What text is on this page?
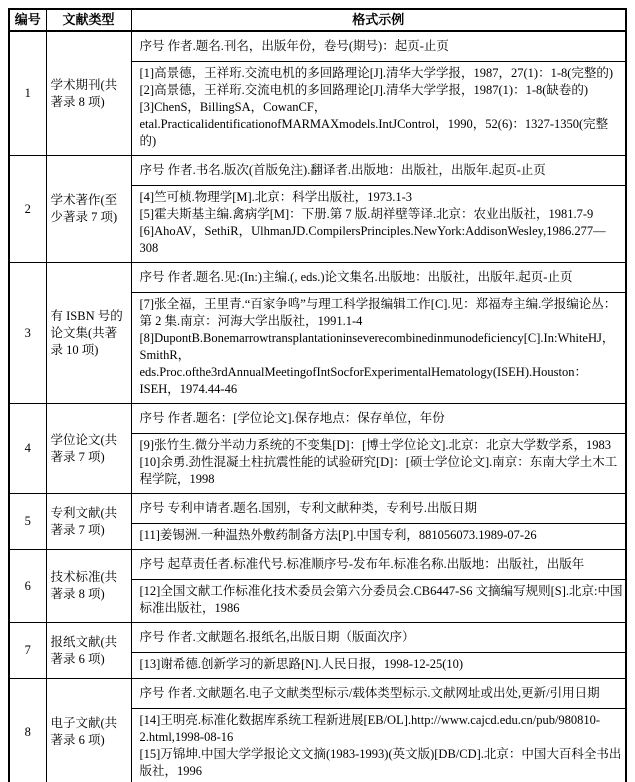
编号	文献类型	格式示例
1	学术期刊(共著录 8 项)	序号 作者.题名.刊名，出版年份，卷号(期号)：起页-止页

		[1]高景德，王祥珩.交流电机的多回路理论[J].清华大学学报，1987，27(1)：1-8(完整的)
[2]高景德，王祥珩.交流电机的多回路理论[J].清华大学学报，1987(1)：1-8(缺卷的)
[3]ChenS，BillingSA，CowanCF，etal.PracticalidentificationofMARMAXmodels.IntJControl，1990，52(6)：1327-1350(完整的)

2	学术著作(至少著录 7 项)	序号 作者.书名.版次(首版免注).翻译者.出版地：出版社，出版年.起页-止页

		[4]竺可桢.物理学[M].北京：科学出版社，1973.1-3
[5]霍夫斯基主编.禽病学[M]：下册.第 7 版.胡祥壁等译.北京：农业出版社，1981.7-9
[6]AhoAV，SethiR，UlhmanJD.CompilersPrinciples.NewYork:AddisonWesley,1986.277—308

3	有 ISBN 号的论文集(共著录 10 项)	序号 作者.题名.见:(In:)主编.(, eds.)论文集名.出版地：出版社，出版年.起页-止页

		[7]张全福，王里青.“百家争鸣”与理工科学报编辑工作[C].见：郑福寿主编.学报编论丛：第 2 集.南京：河海大学出版社，1991.1-4
[8]DupontB.Bonemarrowtransplantationinseverecombinedinmunodeficiency[C].In:WhiteHJ，SmithR，eds.Proc.ofthe3rdAnnualMeetingofIntSocforExperimentalHematology(ISEH).Houston：ISEH，1974.44-46

4	学位论文(共著录 7 项)	序号 作者.题名：[学位论文].保存地点：保存单位，年份

		[9]张竹生.微分半动力系统的不变集[D]：[博士学位论文].北京：北京大学数学系，1983
[10]余勇.劲性混凝土柱抗震性能的试验研究[D]：[硕士学位论文].南京：东南大学土木工程学院，1998

5	专利文献(共著录 7 项)	序号 专利申请者.题名.国别，专利文献种类，专利号.出版日期

		[11]姜锡洲.一种温热外敷药制备方法[P].中国专利，881056073.1989-07-26

6	技术标准(共著录 8 项)	序号 起草责任者.标准代号.标准顺序号-发布年.标准名称.出版地：出版社，出版年

		[12]全国文献工作标准化技术委员会第六分委员会.CB6447-S6 文摘编写规则[S].北京:中国标准出版社，1986

7	报纸文献(共著录 6 项)	序号 作者.文献题名.报纸名,出版日期（版面次序）

		[13]谢希德.创新学习的新思路[N].人民日报，1998-12-25(10)

8	电子文献(共著录 6 项)	序号 作者.文献题名.电子文献类型标示/载体类型标示.文献网址或出处,更新/引用日期

		[14]王明亮.标准化数据库系统工程新进展[EB/OL].http://www.cajcd.edu.cn/pub/980810-2.html,1998-08-16
[15]万锦坤.中国大学学报论文文摘(1983-1993)(英文版)[DB/CD].北京：中国大百科全书出版社，1996
